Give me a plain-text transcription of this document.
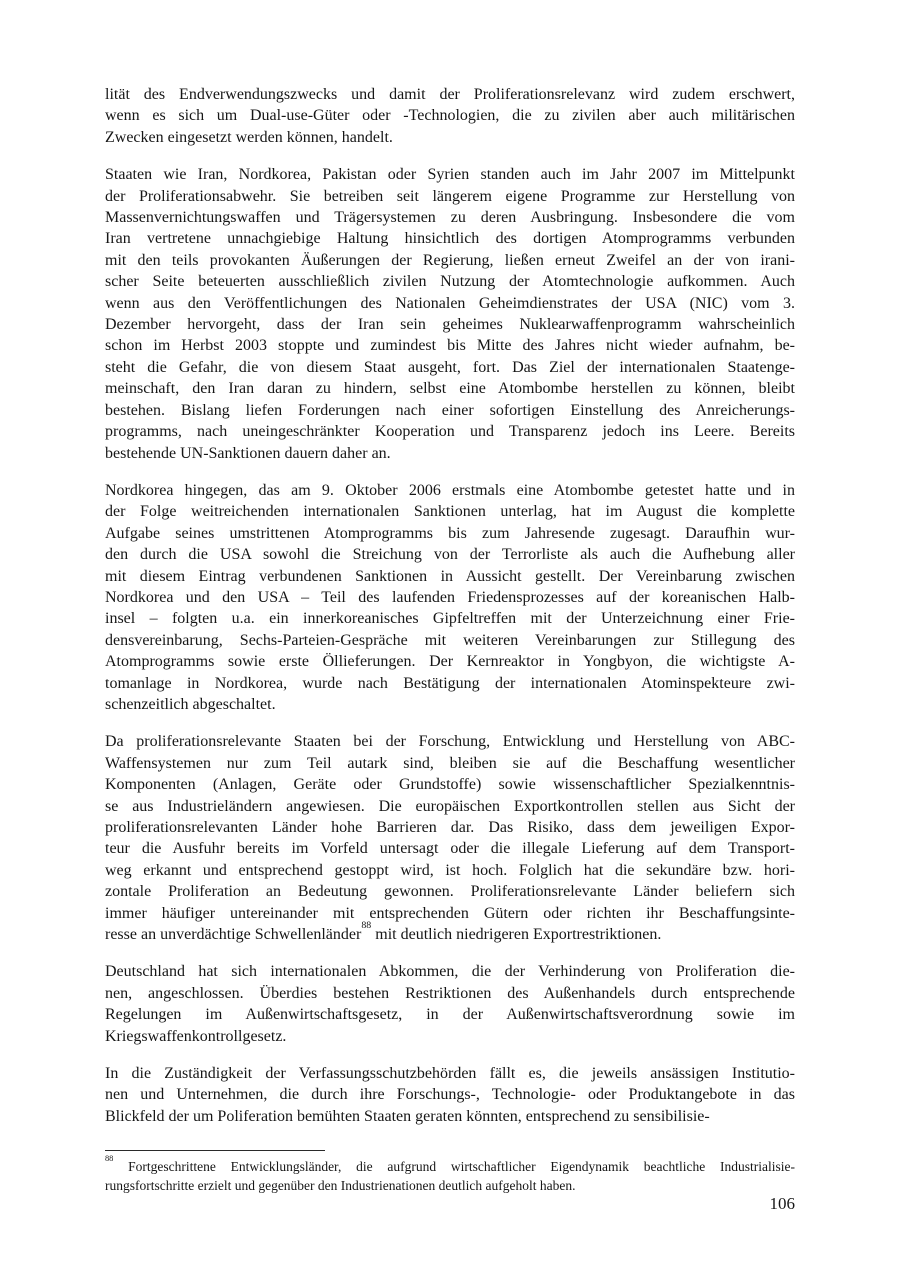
lität des Endverwendungszwecks und damit der Proliferationsrelevanz wird zudem erschwert,
wenn es sich um Dual-use-Güter oder -Technologien, die zu zivilen aber auch militärischen
Zwecken eingesetzt werden können, handelt.
Staaten wie Iran, Nordkorea, Pakistan oder Syrien standen auch im Jahr 2007 im Mittelpunkt
der Proliferationsabwehr. Sie betreiben seit längerem eigene Programme zur Herstellung von
Massenvernichtungswaffen und Trägersystemen zu deren Ausbringung. Insbesondere die vom
Iran vertretene unnachgiebige Haltung hinsichtlich des dortigen Atomprogramms verbunden
mit den teils provokanten Äußerungen der Regierung, ließen erneut Zweifel an der von irani-
scher Seite beteuerten ausschließlich zivilen Nutzung der Atomtechnologie aufkommen. Auch
wenn aus den Veröffentlichungen des Nationalen Geheimdienstrates der USA (NIC) vom 3.
Dezember hervorgeht, dass der Iran sein geheimes Nuklearwaffenprogramm wahrscheinlich
schon im Herbst 2003 stoppte und zumindest bis Mitte des Jahres nicht wieder aufnahm, be-
steht die Gefahr, die von diesem Staat ausgeht, fort. Das Ziel der internationalen Staatenge-
meinschaft, den Iran daran zu hindern, selbst eine Atombombe herstellen zu können, bleibt
bestehen. Bislang liefen Forderungen nach einer sofortigen Einstellung des Anreicherungs-
programms, nach uneingeschränkter Kooperation und Transparenz jedoch ins Leere. Bereits
bestehende UN-Sanktionen dauern daher an.
Nordkorea hingegen, das am 9. Oktober 2006 erstmals eine Atombombe getestet hatte und in
der Folge weitreichenden internationalen Sanktionen unterlag, hat im August die komplette
Aufgabe seines umstrittenen Atomprogramms bis zum Jahresende zugesagt. Daraufhin wur-
den durch die USA sowohl die Streichung von der Terrorliste als auch die Aufhebung aller
mit diesem Eintrag verbundenen Sanktionen in Aussicht gestellt. Der Vereinbarung zwischen
Nordkorea und den USA – Teil des laufenden Friedensprozesses auf der koreanischen Halb-
insel – folgten u.a. ein innerkoreanisches Gipfeltreffen mit der Unterzeichnung einer Frie-
densvereinbarung, Sechs-Parteien-Gespräche mit weiteren Vereinbarungen zur Stillegung des
Atomprogramms sowie erste Öllieferungen. Der Kernreaktor in Yongbyon, die wichtigste A-
tomanlage in Nordkorea, wurde nach Bestätigung der internationalen Atominspekteure zwi-
schenzeitlich abgeschaltet.
Da proliferationsrelevante Staaten bei der Forschung, Entwicklung und Herstellung von ABC-
Waffensystemen nur zum Teil autark sind, bleiben sie auf die Beschaffung wesentlicher
Komponenten (Anlagen, Geräte oder Grundstoffe) sowie wissenschaftlicher Spezialkenntnis-
se aus Industrieländern angewiesen. Die europäischen Exportkontrollen stellen aus Sicht der
proliferationsrelevanten Länder hohe Barrieren dar. Das Risiko, dass dem jeweiligen Expor-
teur die Ausfuhr bereits im Vorfeld untersagt oder die illegale Lieferung auf dem Transport-
weg erkannt und entsprechend gestoppt wird, ist hoch. Folglich hat die sekundäre bzw. hori-
zontale Proliferation an Bedeutung gewonnen. Proliferationsrelevante Länder beliefern sich
immer häufiger untereinander mit entsprechenden Gütern oder richten ihr Beschaffungsinte-
resse an unverdächtige Schwellenländer$^{88}$ mit deutlich niedrigeren Exportrestriktionen.
Deutschland hat sich internationalen Abkommen, die der Verhinderung von Proliferation die-
nen, angeschlossen. Überdies bestehen Restriktionen des Außenhandels durch entsprechende
Regelungen im Außenwirtschaftsgesetz, in der Außenwirtschaftsverordnung sowie im
Kriegswaffenkontrollgesetz.
In die Zuständigkeit der Verfassungsschutzbehörden fällt es, die jeweils ansässigen Institutio-
nen und Unternehmen, die durch ihre Forschungs-, Technologie- oder Produktangebote in das
Blickfeld der um Poliferation bemühten Staaten geraten könnten, entsprechend zu sensibilisie-
$^{88}$ Fortgeschrittene Entwicklungsländer, die aufgrund wirtschaftlicher Eigendynamik beachtliche Industrialisie-
rungsfortschritte erzielt und gegenüber den Industrienationen deutlich aufgeholt haben.
106
